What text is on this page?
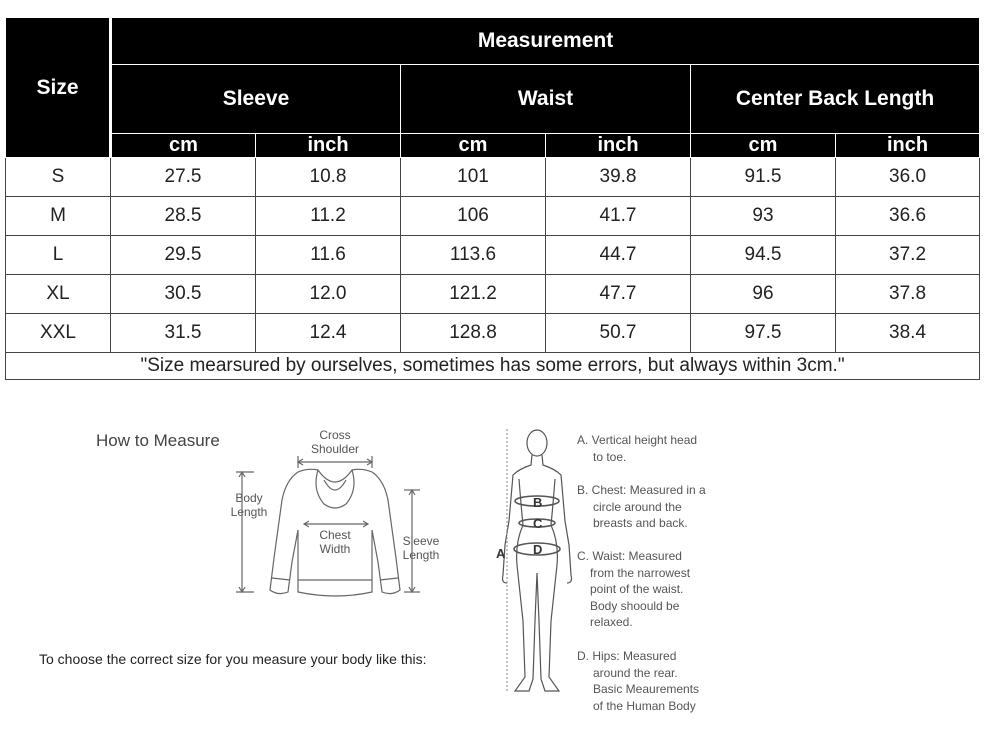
Size	Measurement					
	Sleeve		Waist		Center Back Length	
	cm	inch	cm	inch	cm	inch
S	27.5	10.8	101	39.8	91.5	36.0
M	28.5	11.2	106	41.7	93	36.6
L	29.5	11.6	113.6	44.7	94.5	37.2
XL	30.5	12.0	121.2	47.7	96	37.8
XXL	31.5	12.4	128.8	50.7	97.5	38.4
"Size mearsured by ourselves, sometimes has some errors, but always within 3cm."						
How to Measure
To choose the correct size for you measure your body like this:
Cross
Shoulder
Body
Length
Chest
Width
Sleeve
Length	A
B
C
D
A. Vertical height head
to toe.
B. Chest: Measured in a
circle around the
breasts and back.
C. Waist: Measured
from the narrowest
point of the waist.
Body shoould be
relaxed.
D. Hips: Measured
around the rear.
Basic Meaurements
of the Human Body
